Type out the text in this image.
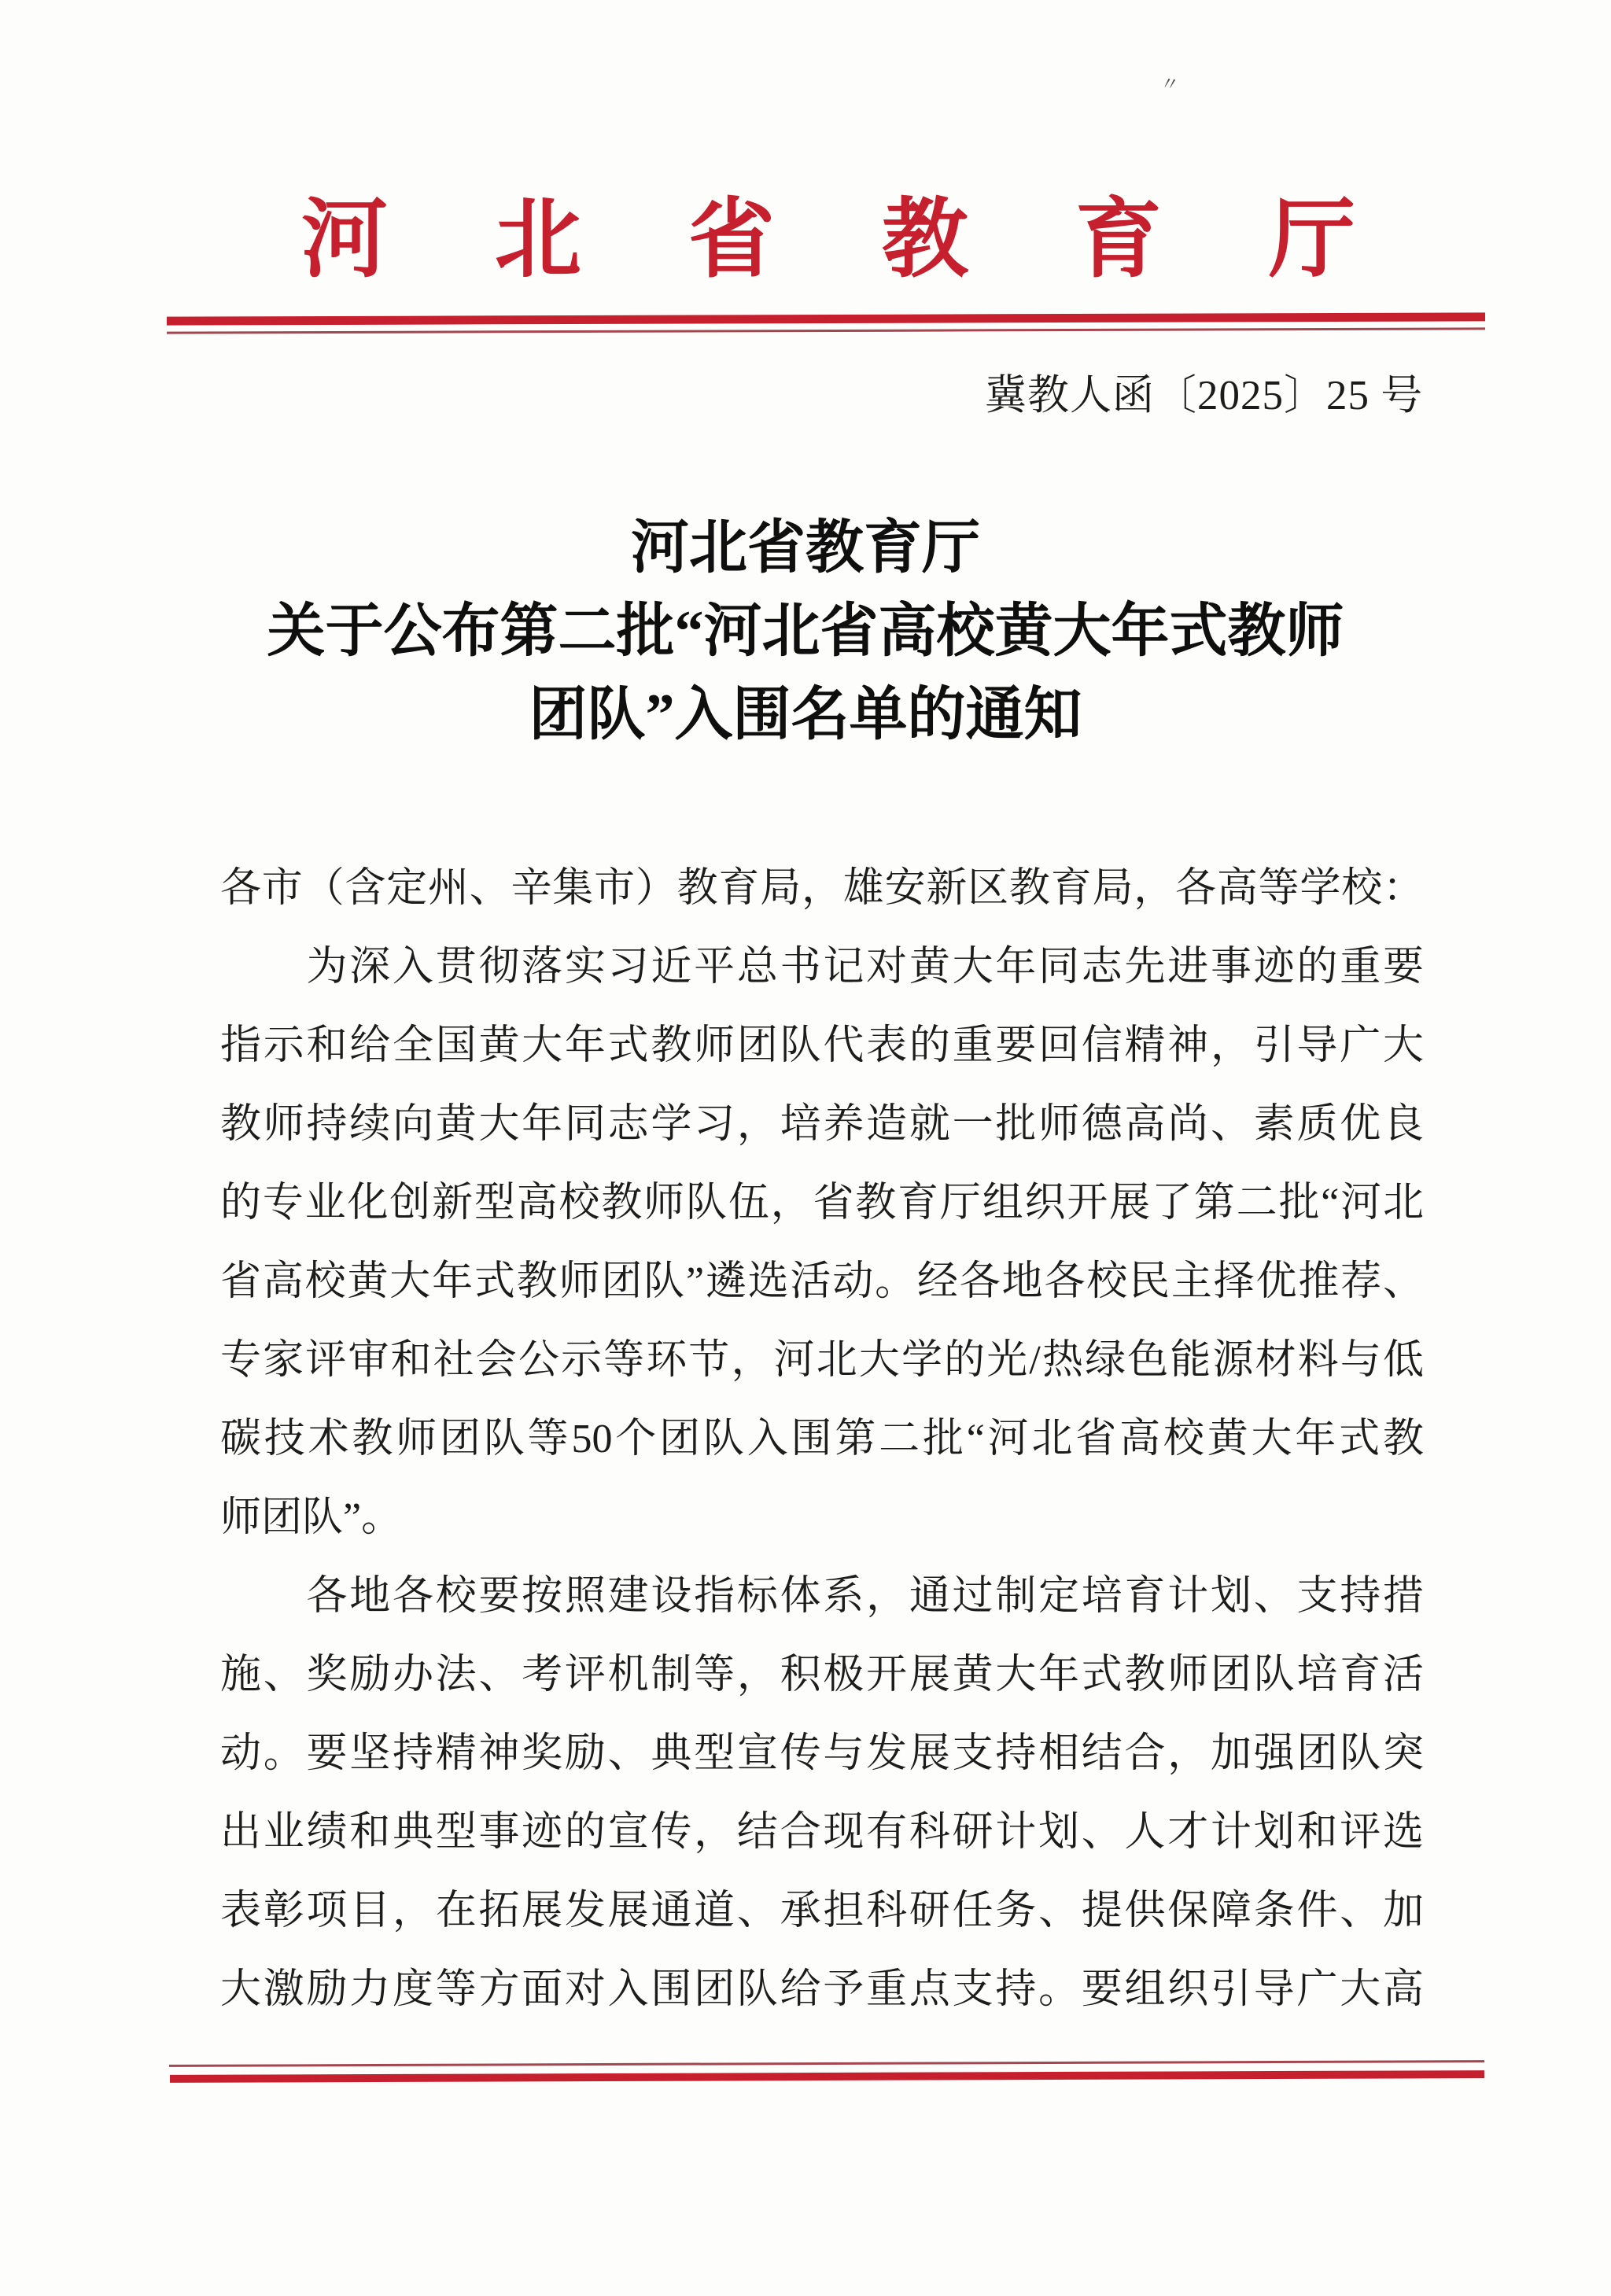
〃
河北省教育厅
冀教人函〔2025〕25 号
河北省教育厅
关于公布第二批“河北省高校黄大年式教师
团队”入围名单的通知
各市（含定州、辛集市）教育局，雄安新区教育局，各高等学校：
　　为深入贯彻落实习近平总书记对黄大年同志先进事迹的重要
指示和给全国黄大年式教师团队代表的重要回信精神，引导广大
教师持续向黄大年同志学习，培养造就一批师德高尚、素质优良
的专业化创新型高校教师队伍，省教育厅组织开展了第二批“河北
省高校黄大年式教师团队”遴选活动。经各地各校民主择优推荐、
专家评审和社会公示等环节，河北大学的光/热绿色能源材料与低
碳技术教师团队等50个团队入围第二批“河北省高校黄大年式教
师团队”。
　　各地各校要按照建设指标体系，通过制定培育计划、支持措
施、奖励办法、考评机制等，积极开展黄大年式教师团队培育活
动。要坚持精神奖励、典型宣传与发展支持相结合，加强团队突
出业绩和典型事迹的宣传，结合现有科研计划、人才计划和评选
表彰项目，在拓展发展通道、承担科研任务、提供保障条件、加
大激励力度等方面对入围团队给予重点支持。要组织引导广大高
